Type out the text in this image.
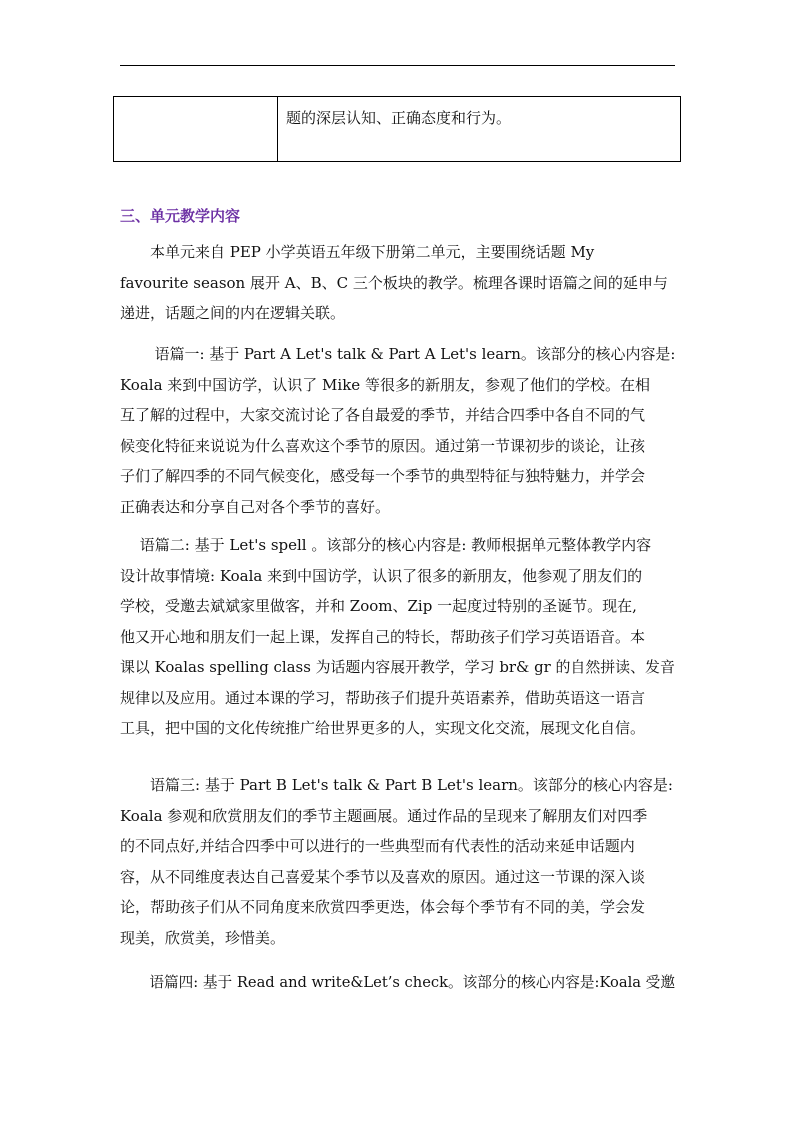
	题的深层认知、正确态度和行为。
三、单元教学内容

　　本单元来自 PEP 小学英语五年级下册第二单元，主要围绕话题 My

favourite season 展开 A、B、C 三个板块的教学。梳理各课时语篇之间的延申与

递进，话题之间的内在逻辑关联。

　　 语篇一: 基于 Part A Let's talk & Part A Let's learn。该部分的核心内容是:

Koala 来到中国访学，认识了 Mike 等很多的新朋友，参观了他们的学校。在相

互了解的过程中，大家交流讨论了各自最爱的季节，并结合四季中各自不同的气

候变化特征来说说为什么喜欢这个季节的原因。通过第一节课初步的谈论，让孩

子们了解四季的不同气候变化，感受每一个季节的典型特征与独特魅力，并学会

正确表达和分享自己对各个季节的喜好。

　 语篇二: 基于 Let's spell 。该部分的核心内容是: 教师根据单元整体教学内容

设计故事情境: Koala 来到中国访学，认识了很多的新朋友，他参观了朋友们的

学校，受邀去斌斌家里做客，并和 Zoom、Zip 一起度过特别的圣诞节。现在,

他又开心地和朋友们一起上课，发挥自己的特长，帮助孩子们学习英语语音。本

课以 Koalas spelling class 为话题内容展开教学，学习 br& gr 的自然拼读、发音

规律以及应用。通过本课的学习，帮助孩子们提升英语素养，借助英语这一语言

工具，把中国的文化传统推广给世界更多的人，实现文化交流，展现文化自信。

　　语篇三: 基于 Part B Let's talk & Part B Let's learn。该部分的核心内容是:

Koala 参观和欣赏朋友们的季节主题画展。通过作品的呈现来了解朋友们对四季

的不同点好,并结合四季中可以进行的一些典型而有代表性的活动来延申话题内

容，从不同维度表达自己喜爱某个季节以及喜欢的原因。通过这一节课的深入谈

论，帮助孩子们从不同角度来欣赏四季更迭，体会每个季节有不同的美，学会发

现美，欣赏美，珍惜美。

　　语篇四: 基于 Read and write&Let’s check。该部分的核心内容是:Koala 受邀
